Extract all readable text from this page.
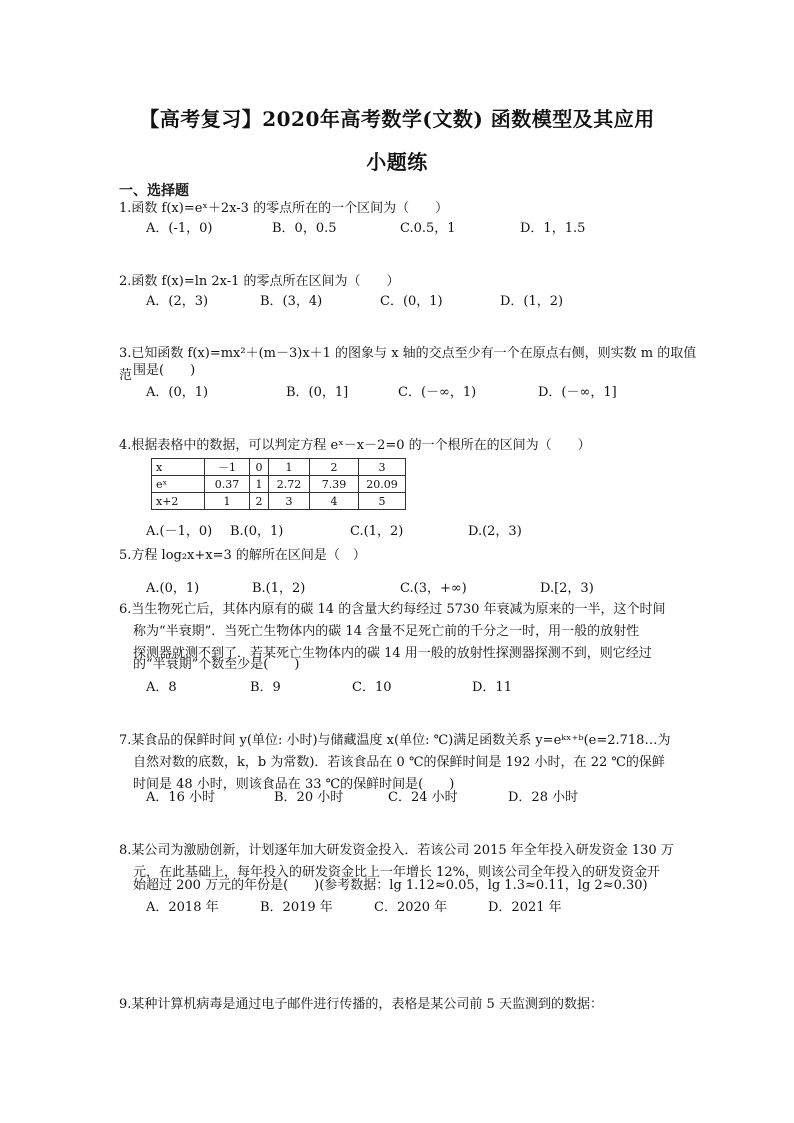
【高考复习】2020年高考数学(文数) 函数模型及其应用
小题练
一、选择题
1.函数 f(x)=eˣ＋2x-3 的零点所在的一个区间为（　　）
A．(-1，0)	B．0，0.5	C.0.5，1	D．1，1.5
2.函数 f(x)=ln 2x-1 的零点所在区间为（　　）
A．(2，3)	B．(3，4)	C．(0，1)	D．(1，2)
3.已知函数 f(x)=mx²＋(m－3)x＋1 的图象与 x 轴的交点至少有一个在原点右侧，则实数 m 的取值范 围是(　　)
A．(0，1)	B．(0，1]	C．(－∞，1)	D．(－∞，1]
4.根据表格中的数据，可以判定方程 eˣ－x－2=0 的一个根所在的区间为（　　）
x	－1	0	1	2	3
eˣ	0.37	1	2.72	7.39	20.09
x+2	1	2	3	4	5
A.(－1，0) B.(0，1)	C.(1，2)	D.(2，3)
5.方程 log₂x+x=3 的解所在区间是（　）
A.(0，1)	B.(1，2)	C.(3，+∞)	D.[2，3)
6.当生物死亡后，其体内原有的碳 14 的含量大约每经过 5730 年衰减为原来的一半，这个时间
称为“半衰期”．当死亡生物体内的碳 14 含量不足死亡前的千分之一时，用一般的放射性
探测器就测不到了．若某死亡生物体内的碳 14 用一般的放射性探测器探测不到，则它经过
的“半衰期”个数至少是(　　)
A．8	B．9	C．10	D．11
7.某食品的保鲜时间 y(单位: 小时)与储藏温度 x(单位: ℃)满足函数关系 y=eᵏˣ⁺ᵇ(e=2.718…为
自然对数的底数，k，b 为常数)．若该食品在 0 ℃的保鲜时间是 192 小时，在 22 ℃的保鲜
时间是 48 小时，则该食品在 33 ℃的保鲜时间是(　　)
A．16 小时	B．20 小时	C．24 小时	D．28 小时
8.某公司为激励创新，计划逐年加大研发资金投入．若该公司 2015 年全年投入研发资金 130 万
元，在此基础上，每年投入的研发资金比上一年增长 12%，则该公司全年投入的研发资金开
始超过 200 万元的年份是(　　)(参考数据：lg 1.12≈0.05，lg 1.3≈0.11，lg 2≈0.30)
A．2018 年	B．2019 年	C．2020 年	D．2021 年
9.某种计算机病毒是通过电子邮件进行传播的，表格是某公司前 5 天监测到的数据：
